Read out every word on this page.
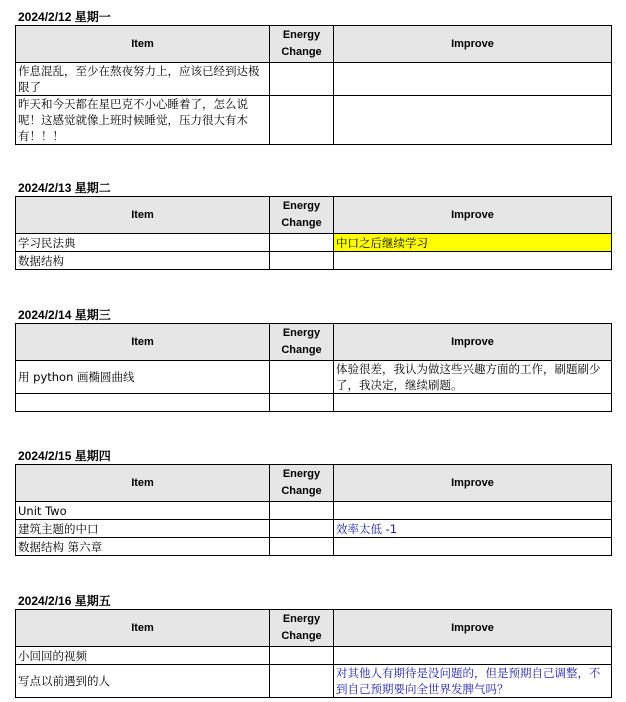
2024/2/12 星期一
Item	Energy Change	Improve
作息混乱，至少在熬夜努力上，应该已经到达极限了		
昨天和今天都在星巴克不小心睡着了，怎么说呢！这感觉就像上班时候睡觉，压力很大有木有！！！		
2024/2/13 星期二
Item	Energy Change	Improve
学习民法典		中口之后继续学习
数据结构		
2024/2/14 星期三
Item	Energy Change	Improve
用 python 画椭圆曲线		体验很差，我认为做这些兴趣方面的工作，刷题刷少了，我决定，继续刷题。

2024/2/15 星期四
Item	Energy Change	Improve
Unit Two		
建筑主题的中口		效率太低 -1
数据结构 第六章		
2024/2/16 星期五
Item	Energy Change	Improve
小回回的视频		
写点以前遇到的人		对其他人有期待是没问题的，但是预期自己调整，不到自己预期要向全世界发脾气吗？
